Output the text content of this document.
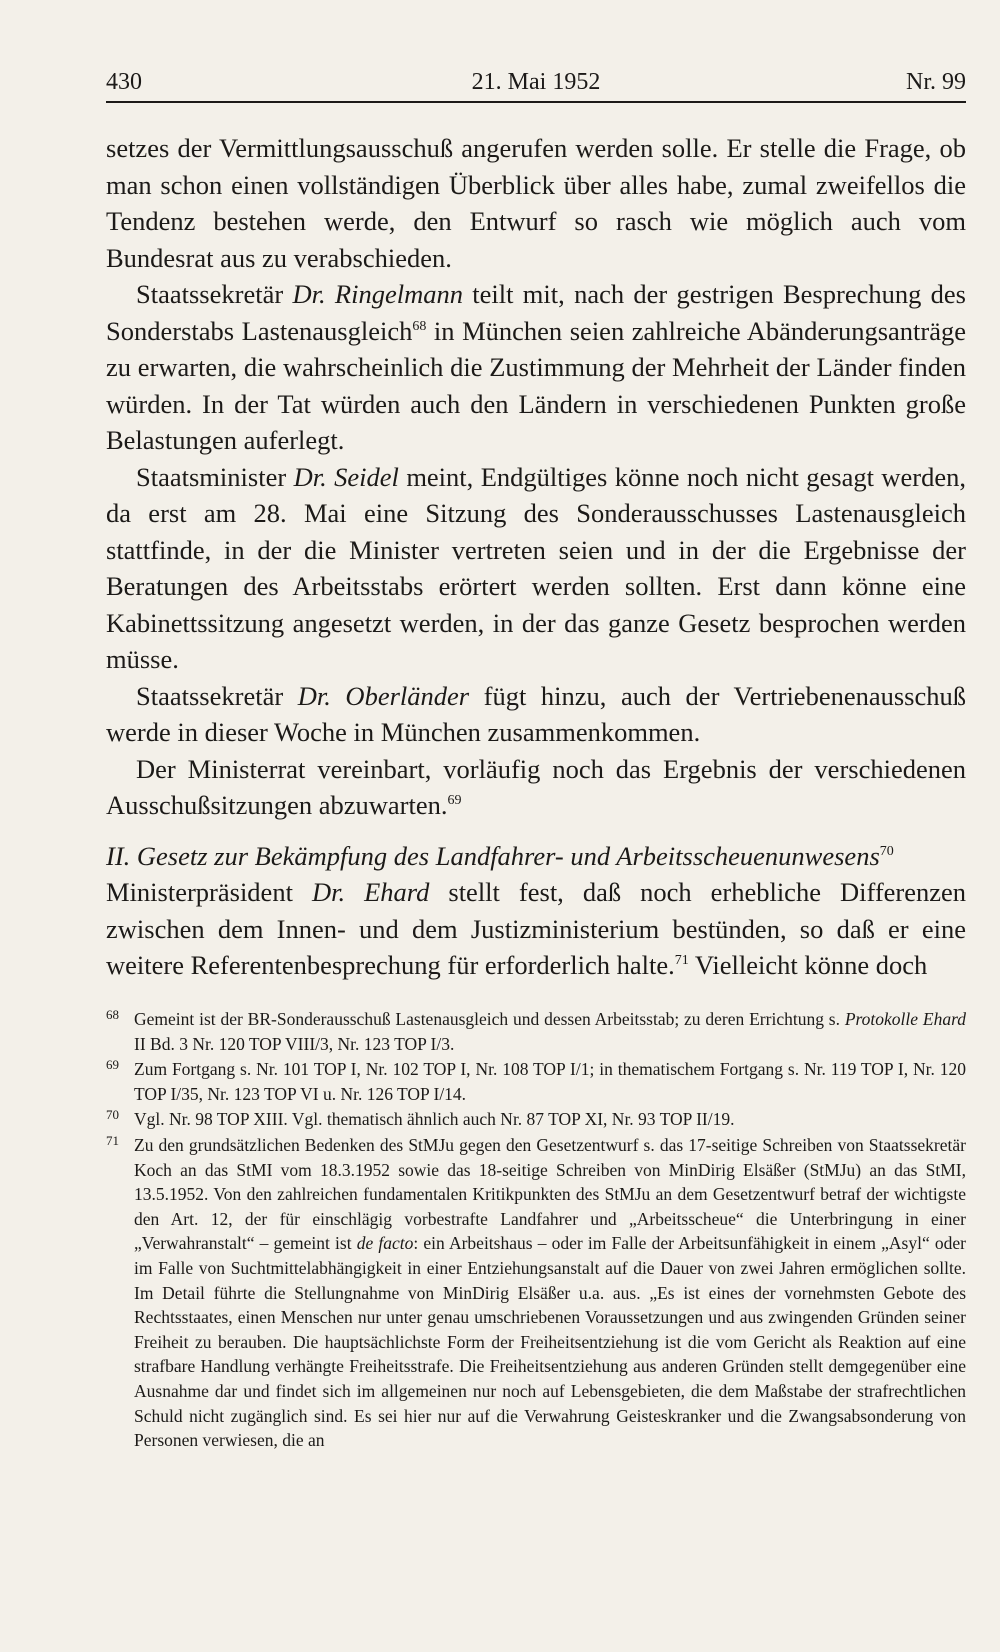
430	21. Mai 1952	Nr. 99

setzes der Vermittlungsausschuß angerufen werden solle. Er stelle die Frage, ob man schon einen vollständigen Überblick über alles habe, zumal zweifellos die Tendenz bestehen werde, den Entwurf so rasch wie möglich auch vom Bundesrat aus zu verabschieden.

Staatssekretär Dr. Ringelmann teilt mit, nach der gestrigen Besprechung des Sonderstabs Lastenausgleich$^{68}$ in München seien zahlreiche Abänderungsanträge zu erwarten, die wahrscheinlich die Zustimmung der Mehrheit der Länder finden würden. In der Tat würden auch den Ländern in verschiedenen Punkten große Belastungen auferlegt.

Staatsminister Dr. Seidel meint, Endgültiges könne noch nicht gesagt werden, da erst am 28. Mai eine Sitzung des Sonderausschusses Lastenausgleich stattfinde, in der die Minister vertreten seien und in der die Ergebnisse der Beratungen des Arbeitsstabs erörtert werden sollten. Erst dann könne eine Kabinettssitzung angesetzt werden, in der das ganze Gesetz besprochen werden müsse.

Staatssekretär Dr. Oberländer fügt hinzu, auch der Vertriebenenausschuß werde in dieser Woche in München zusammenkommen.

Der Ministerrat vereinbart, vorläufig noch das Ergebnis der verschiedenen Ausschußsitzungen abzuwarten.$^{69}$

II. Gesetz zur Bekämpfung des Landfahrer- und Arbeitsscheuenunwesens$^{70}$

Ministerpräsident Dr. Ehard stellt fest, daß noch erhebliche Differenzen zwischen dem Innen- und dem Justizministerium bestünden, so daß er eine weitere Referentenbesprechung für erforderlich halte.$^{71}$ Vielleicht könne doch

68 Gemeint ist der BR-Sonderausschuß Lastenausgleich und dessen Arbeitsstab; zu deren Errichtung s. Protokolle Ehard II Bd. 3 Nr. 120 TOP VIII/3, Nr. 123 TOP I/3.
69 Zum Fortgang s. Nr. 101 TOP I, Nr. 102 TOP I, Nr. 108 TOP I/1; in thematischem Fortgang s. Nr. 119 TOP I, Nr. 120 TOP I/35, Nr. 123 TOP VI u. Nr. 126 TOP I/14.
70 Vgl. Nr. 98 TOP XIII. Vgl. thematisch ähnlich auch Nr. 87 TOP XI, Nr. 93 TOP II/19.
71 Zu den grundsätzlichen Bedenken des StMJu gegen den Gesetzentwurf s. das 17-seitige Schreiben von Staatssekretär Koch an das StMI vom 18.3.1952 sowie das 18-seitige Schreiben von MinDirig Elsäßer (StMJu) an das StMI, 13.5.1952. Von den zahlreichen fundamentalen Kritikpunkten des StMJu an dem Gesetzentwurf betraf der wichtigste den Art. 12, der für einschlägig vorbestrafte Landfahrer und „Arbeitsscheue“ die Unterbringung in einer „Verwahranstalt“ – gemeint ist de facto: ein Arbeitshaus – oder im Falle der Arbeitsunfähigkeit in einem „Asyl“ oder im Falle von Suchtmittelabhängigkeit in einer Entziehungsanstalt auf die Dauer von zwei Jahren ermöglichen sollte. Im Detail führte die Stellungnahme von MinDirig Elsäßer u.a. aus. „Es ist eines der vornehmsten Gebote des Rechtsstaates, einen Menschen nur unter genau umschriebenen Voraussetzungen und aus zwingenden Gründen seiner Freiheit zu berauben. Die hauptsächlichste Form der Freiheitsentziehung ist die vom Gericht als Reaktion auf eine strafbare Handlung verhängte Freiheitsstrafe. Die Freiheitsentziehung aus anderen Gründen stellt demgegenüber eine Ausnahme dar und findet sich im allgemeinen nur noch auf Lebensgebieten, die dem Maßstabe der strafrechtlichen Schuld nicht zugänglich sind. Es sei hier nur auf die Verwahrung Geisteskranker und die Zwangsabsonderung von Personen verwiesen, die an
